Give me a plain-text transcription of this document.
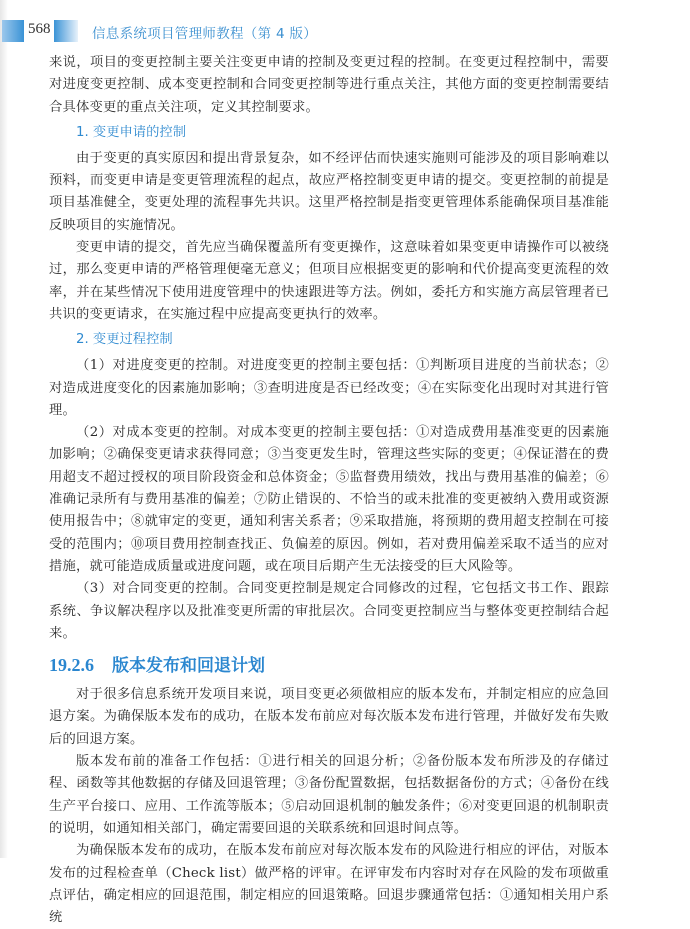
568	信息系统项目管理师教程（第 4 版）

来说，项目的变更控制主要关注变更申请的控制及变更过程的控制。在变更过程控制中，需要对进度变更控制、成本变更控制和合同变更控制等进行重点关注，其他方面的变更控制需要结合具体变更的重点关注项，定义其控制要求。

1. 变更申请的控制

由于变更的真实原因和提出背景复杂，如不经评估而快速实施则可能涉及的项目影响难以预料，而变更申请是变更管理流程的起点，故应严格控制变更申请的提交。变更控制的前提是项目基准健全，变更处理的流程事先共识。这里严格控制是指变更管理体系能确保项目基准能反映项目的实施情况。

变更申请的提交，首先应当确保覆盖所有变更操作，这意味着如果变更申请操作可以被绕过，那么变更申请的严格管理便毫无意义；但项目应根据变更的影响和代价提高变更流程的效率，并在某些情况下使用进度管理中的快速跟进等方法。例如，委托方和实施方高层管理者已共识的变更请求，在实施过程中应提高变更执行的效率。

2. 变更过程控制

（1）对进度变更的控制。对进度变更的控制主要包括：①判断项目进度的当前状态；②对造成进度变化的因素施加影响；③查明进度是否已经改变；④在实际变化出现时对其进行管理。

（2）对成本变更的控制。对成本变更的控制主要包括：①对造成费用基准变更的因素施加影响；②确保变更请求获得同意；③当变更发生时，管理这些实际的变更；④保证潜在的费用超支不超过授权的项目阶段资金和总体资金；⑤监督费用绩效，找出与费用基准的偏差；⑥准确记录所有与费用基准的偏差；⑦防止错误的、不恰当的或未批准的变更被纳入费用或资源使用报告中；⑧就审定的变更，通知利害关系者；⑨采取措施，将预期的费用超支控制在可接受的范围内；⑩项目费用控制查找正、负偏差的原因。例如，若对费用偏差采取不适当的应对措施，就可能造成质量或进度问题，或在项目后期产生无法接受的巨大风险等。

（3）对合同变更的控制。合同变更控制是规定合同修改的过程，它包括文书工作、跟踪系统、争议解决程序以及批准变更所需的审批层次。合同变更控制应当与整体变更控制结合起来。

19.2.6 版本发布和回退计划

对于很多信息系统开发项目来说，项目变更必须做相应的版本发布，并制定相应的应急回退方案。为确保版本发布的成功，在版本发布前应对每次版本发布进行管理，并做好发布失败后的回退方案。

版本发布前的准备工作包括：①进行相关的回退分析；②备份版本发布所涉及的存储过程、函数等其他数据的存储及回退管理；③备份配置数据，包括数据备份的方式；④备份在线生产平台接口、应用、工作流等版本；⑤启动回退机制的触发条件；⑥对变更回退的机制职责的说明，如通知相关部门，确定需要回退的关联系统和回退时间点等。

为确保版本发布的成功，在版本发布前应对每次版本发布的风险进行相应的评估，对版本发布的过程检查单（Check list）做严格的评审。在评审发布内容时对存在风险的发布项做重点评估，确定相应的回退范围，制定相应的回退策略。回退步骤通常包括：①通知相关用户系统
